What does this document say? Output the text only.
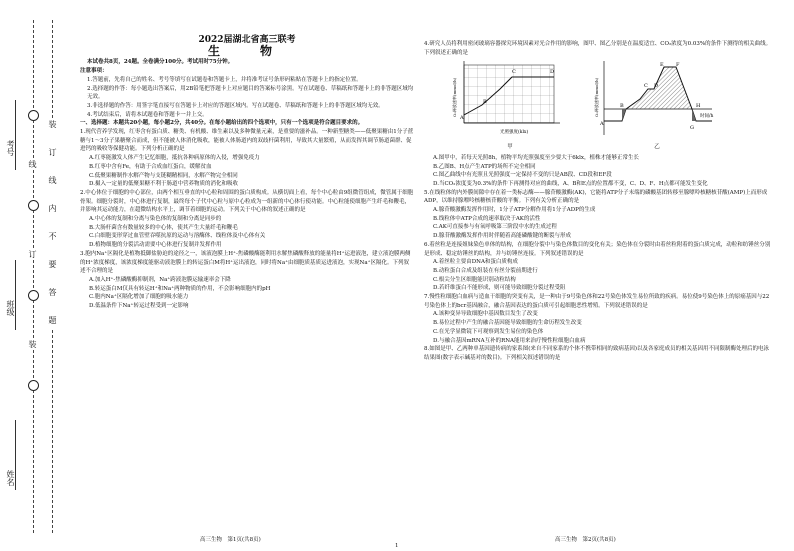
姓名
班级
考号	装　订　线　内　不　要　答　题
线
订
装
2022届湖北省高三联考
生　物

本试卷共8页，24题。全卷满分100分。考试用时75分钟。

注意事项：

1.答题前，先将自己的姓名、考号等填写在试题卷和答题卡上，并将准考证号条形码粘贴在答题卡上的指定位置。

2.选择题的作答：每小题选出答案后，用2B铅笔把答题卡上对应题目的答案标号涂黑。写在试题卷、草稿纸和答题卡上的非答题区域均无效。

3.非选择题的作答：用签字笔直接写在答题卡上对应的答题区域内。写在试题卷、草稿纸和答题卡上的非答题区域均无效。

4.考试结束后，请将本试题卷和答题卡一并上交。

一、选择题：本题共20小题，每小题2分，共40分。在每小题给出的四个选项中，只有一个选项是符合题目要求的。

1.现代营养学发现，红枣含有蛋白质、糖类、有机酸、维生素以及多种微量元素，是重要的滋补品。一种新型糖类——低聚果糖由1分子蔗糖与1～3分子果糖聚合而成，但不能被人体消化吸收，能被人体肠道内的双歧杆菌利用，导致其大量繁殖，从而发挥其调节肠道菌群、促进钙的吸收等保健功能。下列分析正确的是

A.红枣能激发人体产生记忆细胞，抵抗各种病原体的入侵，增强免疫力

B.红枣中含有Fe，有助于合成血红蛋白，缓解贫血

C.低聚果糖制作水解产物与支链糊精相同，水解产物完全相同

D.摄入一定量的低聚果糖不利于肠道中营养物质的消化和吸收

2.中心体位于细胞的中心部位，由两个相互垂直的中心粒和周围的蛋白质构成。从横切面上看，每个中心粒由9组微管组成，微管属于细胞骨架。细胞分裂时，中心体进行复制，最终每个子代中心粒与原中心粒成为一组新的中心体行使功能。中心粒能使细胞产生纤毛和鞭毛，并影响其运动能力，在超微结构水平上，调节着细胞的运动。下列关于中心体的叙述正确的是

A.中心体的复制和分离与染色体的复制和分离是同步的

B.大肠杆菌含有数量较多的中心体，使其产生大量纤毛和鞭毛

C.白细胞变形穿过血管壁吞噬抗原的运动与溶酶体、线粒体及中心体有关

D.植物细胞的分裂活动需要中心体进行复制并发挥作用

3.胞内Na⁺区隔化是植物抵御盐胁迫的途径之一，该液泡膜上H⁺-焦磷酸酶能利用水解焦磷酸释放的能量将H⁺运进液泡，建立液泡膜两侧的H⁺浓度梯度，该浓度梯度能驱动液泡膜上的转运蛋白M将H⁺运出液泡，同时将Na⁺由细胞质基质运进液泡，实现Na⁺区隔化。下列叙述不合理的是

A.加入H⁺-焦磷酸酶抑制剂，Na⁺跨液泡膜运输速率会下降

B.转运蛋白M仅具有转运H⁺和Na⁺两种物质的作用，不会影响细胞内的pH

C.胞内Na⁺区隔化增加了细胞的吸水能力

D.低温条件下Na⁺转运过程受到一定影响

4.研究人员将利用密闭玻璃容器探究环境因素对光合作用的影响，图甲、图乙分别是在温度适宜、CO₂浓度为0.03%的条件下测得的相关曲线。下列叙述正确的是

A
B
C	D
光照强度(klx)
O₂释放速率(mmol/h)
甲
A
B
C D
E F
G
H
时间/h
O₂释放速率(mmol/h)
乙

A.图甲中，若每天光照8h，植物平均光照强度至少要大于6klx，植株才能够正常生长

B.乙图B、H点产生ATP的场所不完全相同

C.图乙曲线中有光照且光照强度一定保持不变的只是AB段、CD段和EF段

D.当CO₂浓度变为0.3%的条件下再测得对应的曲线，A、B和E点的位置都不变，C、D、F、H点都可能发生变化

5.在线粒体的内外膜间隙中存在着一类标志酶——腺苷酸激酶(AK)，它能将ATP分子末端的磷酸基团转移至腺嘌呤核糖核苷酸(AMP)上而形成ADP，以维持腺嘌呤核糖核苷酸的平衡。下列有关分析正确的是

A.腺苷酸激酶发挥作用时，1分子ATP分解作用将1分子ADP的生成

B.线粒体中ATP合成的速率取决于AK的活性

C.AK可直接参与有氧呼吸第三阶段中水的生成过程

D.腺苷酸激酶发挥作用时伴随着高能磷酸键的断裂与形成

6.着丝粒是连接姐妹染色单体的结构，在细胞分裂中与染色体数目的变化有关；染色体在分裂时由着丝粒附着的蛋白质完成，动粒和纺锤丝分别是形成、稳定纺锤丝的结构，并与纺锤丝连接。下列叙述错误的是

A.着丝粒主要由DNA和蛋白质构成

B.动粒蛋白合成及组装在有丝分裂前期进行

C.根尖分生区细胞能识别动粒结构

D.若纤维蛋白不能形成，则可能导致细胞分裂过程受阻

7.慢性粒细胞白血病与造血干细胞的突变有关，是一种由于9号染色体和22号染色体发生易位所致的疾病。易位使9号染色体上的原癌基因与22号染色体上的bcr基因融合，融合基因表达的蛋白质可引起细胞恶性增殖。下列叙述错误的是

A.该种变异导致细胞中基因数目发生了改变

B.易位过程中产生的融合基因能导致细胞的生命历程发生改变

C.在光学显微镜下可观察到发生易位的染色体

D.与融合基因mRNA互补的RNA能用来治疗慢性粒细胞白血病

8.如图是甲、乙两种单基因遗传病的家系图(来自不同家系的个体不携带相同的致病基因)以及各家庭成员的相关基因用不同限制酶处理后的电泳结果图(数字表示碱基对的数目)。下列相关叙述错误的是

高三生物　第1页(共8页)	高三生物　第2页(共8页)
1
